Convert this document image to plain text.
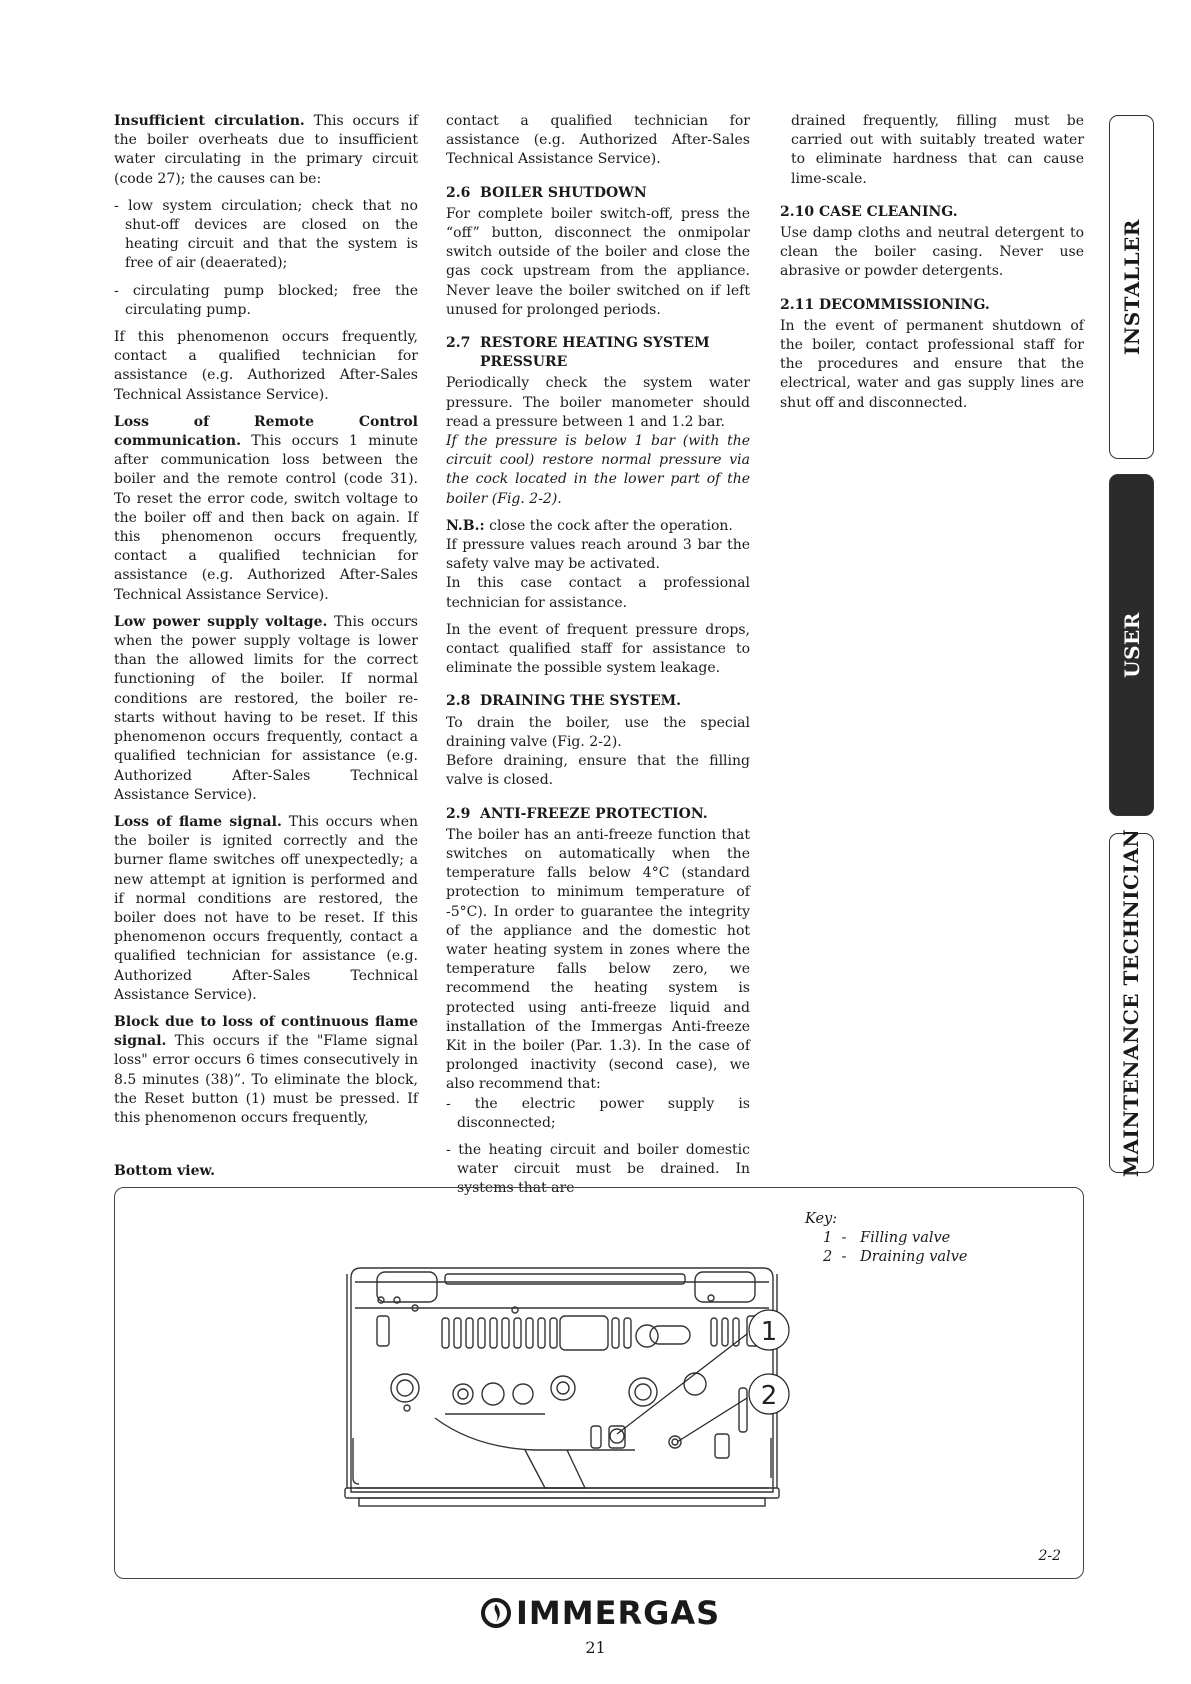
Insufficient circulation. This occurs if the boiler overheats due to insufficient water circulating in the primary circuit (code 27); the causes can be:

- low system circulation; check that no shut-off devices are closed on the heating circuit and that the system is free of air (deaerated);

- circulating pump blocked; free the circulating pump.

If this phenomenon occurs frequently, contact a qualified technician for assistance (e.g. Authorized After-Sales Technical Assistance Service).

Loss of Remote Control communication. This occurs 1 minute after communication loss between the boiler and the remote control (code 31). To reset the error code, switch voltage to the boiler off and then back on again. If this phenomenon occurs frequently, contact a qualified technician for assistance (e.g. Authorized After-Sales Technical Assistance Service).

Low power supply voltage. This occurs when the power supply voltage is lower than the allowed limits for the correct functioning of the boiler. If normal conditions are restored, the boiler re-starts without having to be reset. If this phenomenon occurs frequently, contact a qualified technician for assistance (e.g. Authorized After-Sales Technical Assistance Service).

Loss of flame signal. This occurs when the boiler is ignited correctly and the burner flame switches off unexpectedly; a new attempt at ignition is performed and if normal conditions are restored, the boiler does not have to be reset. If this phenomenon occurs frequently, contact a qualified technician for assistance (e.g. Authorized After-Sales Technical Assistance Service).

Block due to loss of continuous flame signal. This occurs if the "Flame signal loss" error occurs 6 times consecutively in 8.5 minutes (38)”. To eliminate the block, the Reset button (1) must be pressed. If this phenomenon occurs frequently,

contact a qualified technician for assistance (e.g. Authorized After-Sales Technical Assistance Service).

2.6 BOILER SHUTDOWN

For complete boiler switch-off, press the “off” button, disconnect the onmipolar switch outside of the boiler and close the gas cock upstream from the appliance. Never leave the boiler switched on if left unused for prolonged periods.

2.7 RESTORE HEATING SYSTEM
PRESSURE

Periodically check the system water pressure. The boiler manometer should read a pressure between 1 and 1.2 bar.

If the pressure is below 1 bar (with the circuit cool) restore normal pressure via the cock located in the lower part of the boiler (Fig. 2-2).

N.B.: close the cock after the operation.

If pressure values reach around 3 bar the safety valve may be activated.

In this case contact a professional technician for assistance.

In the event of frequent pressure drops, contact qualified staff for assistance to eliminate the possible system leakage.

2.8 DRAINING THE SYSTEM.

To drain the boiler, use the special draining valve (Fig. 2-2).

Before draining, ensure that the filling valve is closed.

2.9 ANTI-FREEZE PROTECTION.

The boiler has an anti-freeze function that switches on automatically when the temperature falls below 4°C (standard protection to minimum temperature of -5°C). In order to guarantee the integrity of the appliance and the domestic hot water heating system in zones where the temperature falls below zero, we recommend the heating system is protected using anti-freeze liquid and installation of the Immergas Anti-freeze Kit in the boiler (Par. 1.3). In the case of prolonged inactivity (second case), we also recommend that:

- the electric power supply is disconnected;

- the heating circuit and boiler domestic water circuit must be drained. In systems that are

drained frequently, filling must be carried out with suitably treated water to eliminate hardness that can cause lime-scale.

2.10 CASE CLEANING.

Use damp cloths and neutral detergent to clean the boiler casing. Never use abrasive or powder detergents.

2.11 DECOMMISSIONING.

In the event of permanent shutdown of the boiler, contact professional staff for the procedures and ensure that the electrical, water and gas supply lines are shut off and disconnected.

INSTALLER
USER
MAINTENANCE TECHNICIAN
Bottom view.
Key:
1  -   Filling valve
2  -   Draining valve
1
2
2-2
IMMERGAS
21
